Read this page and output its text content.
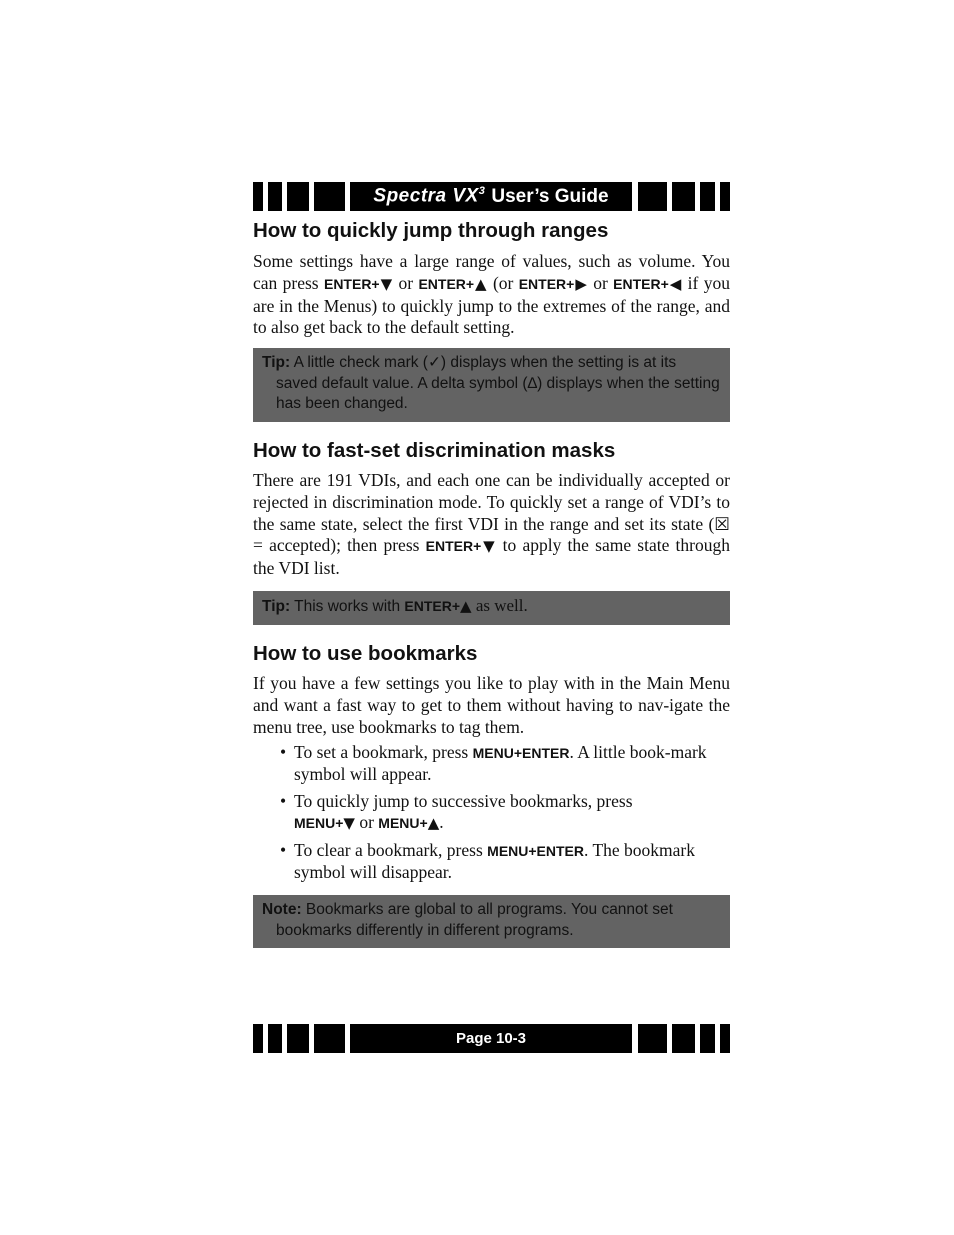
Spectra $VX^3$ User’s Guide
How to quickly jump through ranges

Some settings have a large range of values, such as volume. You can press ENTER+▼ or ENTER+▲ (or ENTER+▶ or ENTER+◀ if you are in the Menus) to quickly jump to the extremes of the range, and to also get back to the default setting.

Tip: A little check mark (✓) displays when the setting is at its saved default value. A delta symbol (∆) displays when the setting has been changed.
How to fast-set discrimination masks

There are 191 VDIs, and each one can be individually accepted or rejected in discrimination mode. To quickly set a range of VDI’s to the same state, select the first VDI in the range and set its state (☒ = accepted); then press ENTER+▼ to apply the same state through the VDI list.

Tip: This works with ENTER+▲ as well.
How to use bookmarks

If you have a few settings you like to play with in the Main Menu and want a fast way to get to them without having to nav-igate the menu tree, use bookmarks to tag them.

• To set a bookmark, press MENU+ENTER. A little book-mark symbol will appear.
• To quickly jump to successive bookmarks, press
MENU+▼ or MENU+▲.
• To clear a bookmark, press MENU+ENTER. The bookmark symbol will disappear.
Note: Bookmarks are global to all programs. You cannot set bookmarks differently in different programs.
Page 10-3
